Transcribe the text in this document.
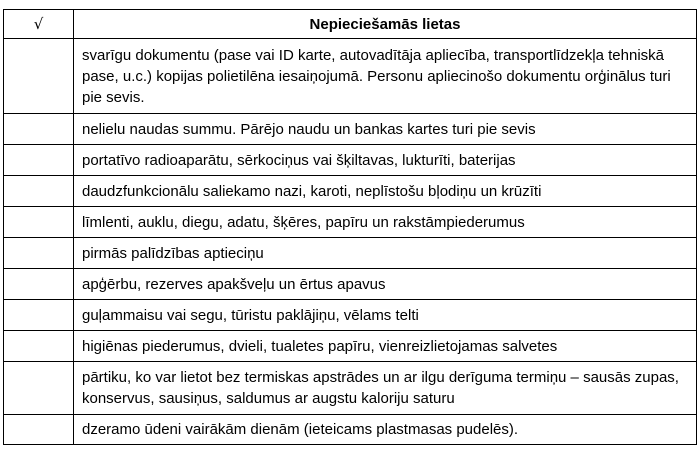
√	Nepieciešamās lietas
	svarīgu dokumentu (pase vai ID karte, autovadītāja apliecība, transportlīdzekļa tehniskā pase, u.c.) kopijas polietilēna iesaiņojumā. Personu apliecinošo dokumentu orģinālus turi pie sevis.
	nelielu naudas summu. Pārējo naudu un bankas kartes turi pie sevis
	portatīvo radioaparātu, sērkociņus vai šķiltavas, lukturīti, baterijas
	daudzfunkcionālu saliekamo nazi, karoti, neplīstošu bļodiņu un krūzīti
	līmlenti, auklu, diegu, adatu, šķēres, papīru un rakstāmpiederumus
	pirmās palīdzības aptieciņu
	apģērbu, rezerves apakšveļu un ērtus apavus
	guļammaisu vai segu, tūristu paklājiņu, vēlams telti
	higiēnas piederumus, dvieli, tualetes papīru, vienreizlietojamas salvetes
	pārtiku, ko var lietot bez termiskas apstrādes un ar ilgu derīguma termiņu – sausās zupas, konservus, sausiņus, saldumus ar augstu kaloriju saturu
	dzeramo ūdeni vairākām dienām (ieteicams plastmasas pudelēs).
